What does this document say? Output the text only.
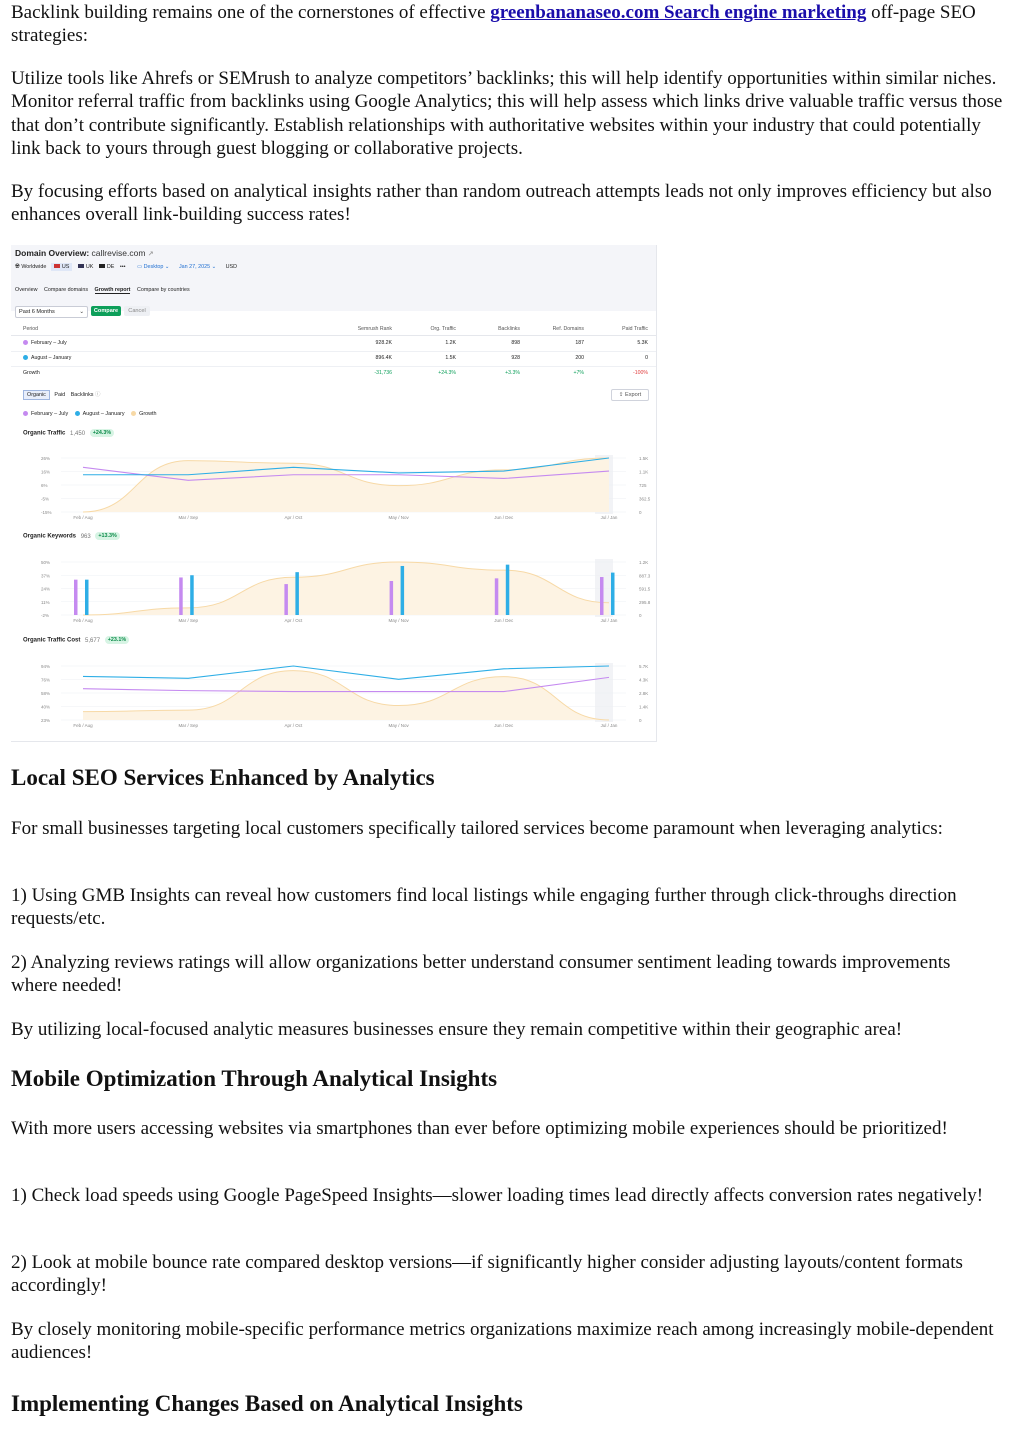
Backlink building remains one of the cornerstones of effective greenbananaseo.com Search engine marketing off-page SEO strategies:

Utilize tools like Ahrefs or SEMrush to analyze competitors’ backlinks; this will help identify opportunities within similar niches. Monitor referral traffic from backlinks using Google Analytics; this will help assess which links drive valuable traffic versus those that don’t contribute significantly. Establish relationships with authoritative websites within your industry that could potentially link back to yours through guest blogging or collaborative projects.

By focusing efforts based on analytical insights rather than random outreach attempts leads not only improves efficiency but also enhances overall link-building success rates!

Local SEO Services Enhanced by Analytics

For small businesses targeting local customers specifically tailored services become paramount when leveraging analytics:

1) Using GMB Insights can reveal how customers find local listings while engaging further through click-throughs direction requests/etc.

2) Analyzing reviews ratings will allow organizations better understand consumer sentiment leading towards improvements where needed!

By utilizing local-focused analytic measures businesses ensure they remain competitive within their geographic area!

Mobile Optimization Through Analytical Insights

With more users accessing websites via smartphones than ever before optimizing mobile experiences should be prioritized!

1) Check load speeds using Google PageSpeed Insights—slower loading times lead directly affects conversion rates negatively!

2) Look at mobile bounce rate compared desktop versions—if significantly higher consider adjusting layouts/content formats accordingly!

By closely monitoring mobile-specific performance metrics organizations maximize reach among increasingly mobile-dependent audiences!

Implementing Changes Based on Analytical Insights
Domain Overview: callrevise.com ↗
🌐︎ Worldwide	US	UK	DE ••• ▭ Desktop ⌄ Jan 27, 2025 ⌄ USD
Overview Compare domains Growth report Compare by countries
Past 6 Months	⌄	Compare	Cancel
Period	Semrush Rank	Org. Traffic	Backlinks	Ref. Domains	Paid Traffic
February – July	928.2K	1.2K	898	187	5.3K
August – January	896.4K	1.5K	928	200	0
Growth	-31,736	+24.3%	+3.3%	+7%	-100%
Organic Paid Backlinks ⓘ	⇪ Export
February – July	August – January	Growth
Organic Traffic 1,450 +24.3%
Organic Keywords 963 +13.3%
Organic Traffic Cost 5,677 +23.1%
26%	1.5K
16%	1.1K
6%	725
-5%	362.5
-15%	0
Feb / Aug	Mar / Sep	Apr / Oct	May / Nov	Jun / Dec	Jul / Jan
50%	1.2K
37%	887.3
24%	591.5
11%	295.8
-2%	0
Feb / Aug	Mar / Sep	Apr / Oct	May / Nov	Jun / Dec	Jul / Jan
94%	5.7K
76%	4.3K
58%	2.8K
40%	1.4K
23%	0
Feb / Aug	Mar / Sep	Apr / Oct	May / Nov	Jun / Dec	Jul / Jan
